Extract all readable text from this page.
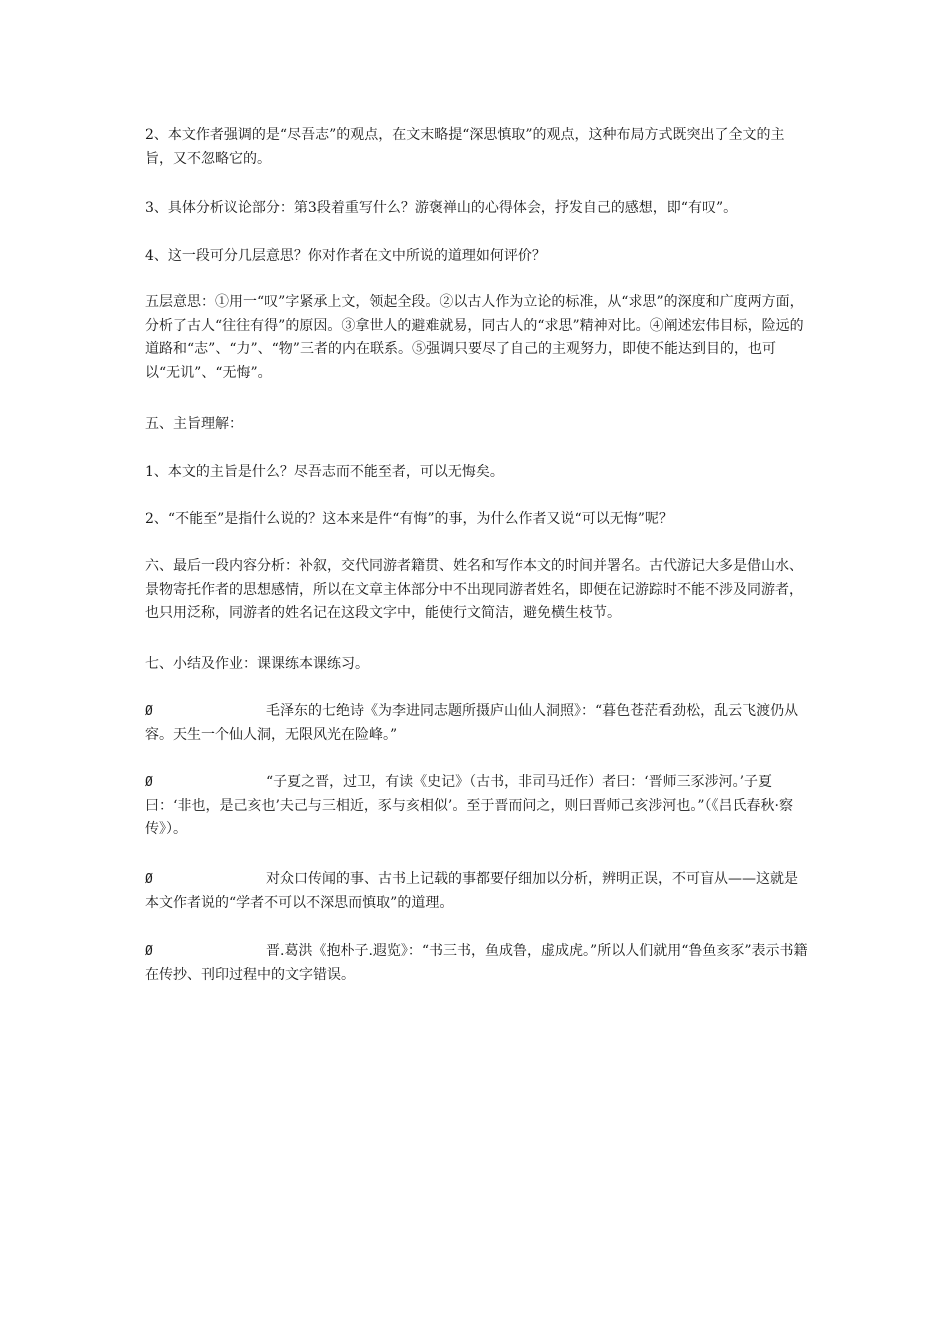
2、本文作者强调的是“尽吾志”的观点，在文末略提“深思慎取”的观点，这种布局方式既突出了全文的主旨，又不忽略它的。

3、具体分析议论部分：第3段着重写什么？游褒禅山的心得体会，抒发自己的感想，即“有叹”。

4、这一段可分几层意思？你对作者在文中所说的道理如何评价？

五层意思：①用一“叹”字紧承上文，领起全段。②以古人作为立论的标准，从“求思”的深度和广度两方面，分析了古人“往往有得”的原因。③拿世人的避难就易，同古人的“求思”精神对比。④阐述宏伟目标，险远的道路和“志”、“力”、“物”三者的内在联系。⑤强调只要尽了自己的主观努力，即使不能达到目的，也可以“无讥”、“无悔”。

五、主旨理解：

1、本文的主旨是什么？尽吾志而不能至者，可以无悔矣。

2、“不能至”是指什么说的？这本来是件“有悔”的事，为什么作者又说“可以无悔”呢？

六、最后一段内容分析：补叙，交代同游者籍贯、姓名和写作本文的时间并署名。古代游记大多是借山水、景物寄托作者的思想感情，所以在文章主体部分中不出现同游者姓名，即便在记游踪时不能不涉及同游者，也只用泛称，同游者的姓名记在这段文字中，能使行文简洁，避免横生枝节。

七、小结及作业：课课练本课练习。

Ø	毛泽东的七绝诗《为李进同志题所摄庐山仙人洞照》：“暮色苍茫看劲松，乱云飞渡仍从容。天生一个仙人洞，无限风光在险峰。”

Ø	“子夏之晋，过卫，有读《史记》（古书，非司马迁作）者曰：‘晋师三豕涉河。’子夏曰：‘非也，是己亥也’夫己与三相近，豕与亥相似’。至于晋而问之，则曰晋师己亥涉河也。”（《吕氏春秋·察传》）。

Ø	对众口传闻的事、古书上记载的事都要仔细加以分析，辨明正误，不可盲从——这就是本文作者说的“学者不可以不深思而慎取”的道理。

Ø	晋.葛洪《抱朴子.遐览》：“书三书，鱼成鲁，虚成虎。”所以人们就用“鲁鱼亥豕”表示书籍在传抄、刊印过程中的文字错误。
